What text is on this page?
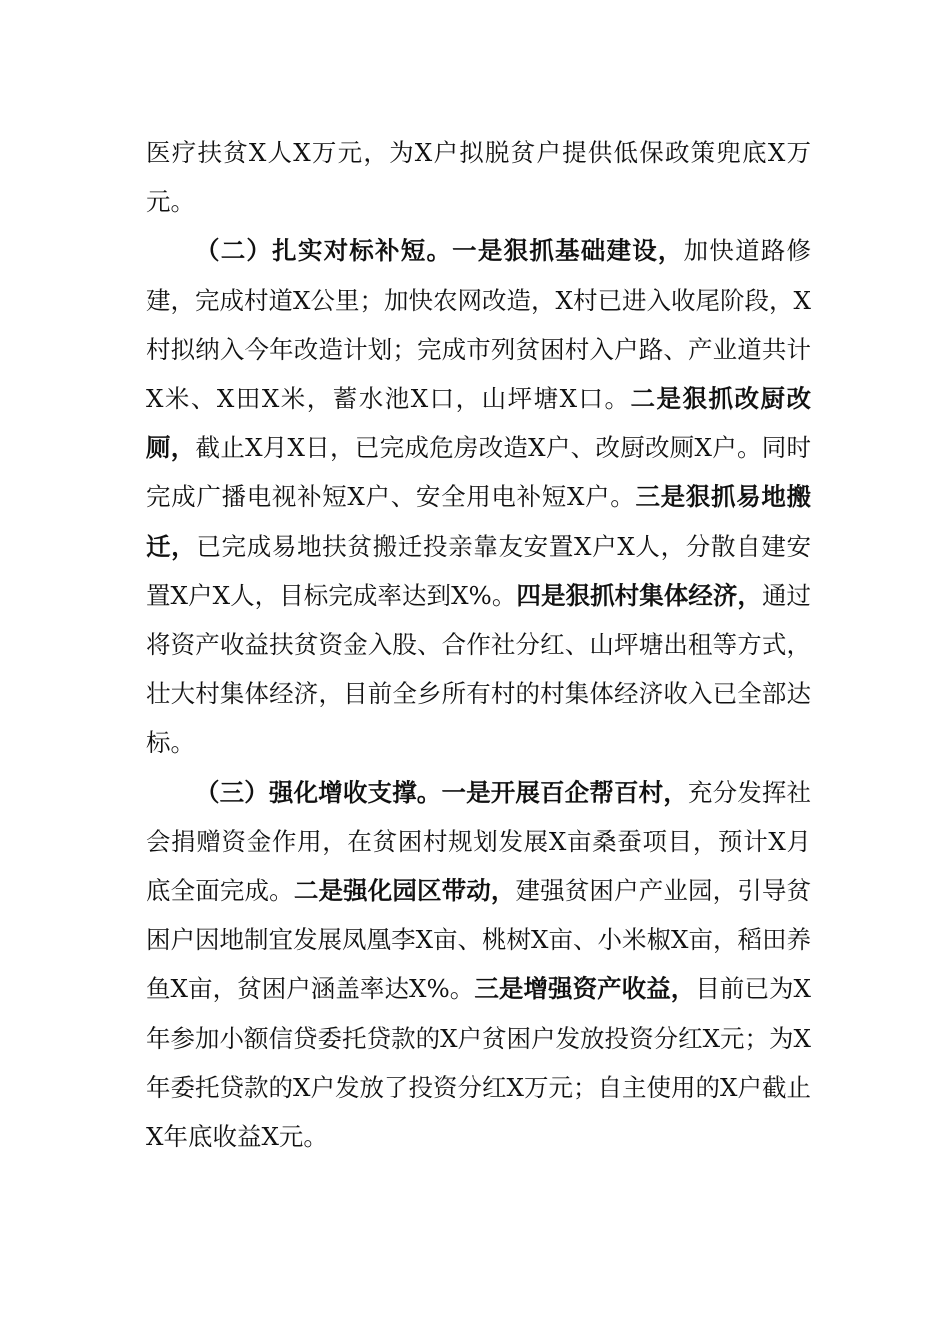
医疗扶贫X人X万元，为X户拟脱贫户提供低保政策兜底X万元。

（二）扎实对标补短。一是狠抓基础建设，加快道路修建，完成村道X公里；加快农网改造，X村已进入收尾阶段，X村拟纳入今年改造计划；完成市列贫困村入户路、产业道共计X米、X田X米，蓄水池X口，山坪塘X口。二是狠抓改厨改厕，截止X月X日，已完成危房改造X户、改厨改厕X户。同时完成广播电视补短X户、安全用电补短X户。三是狠抓易地搬迁，已完成易地扶贫搬迁投亲靠友安置X户X人，分散自建安置X户X人，目标完成率达到X%。四是狠抓村集体经济，通过将资产收益扶贫资金入股、合作社分红、山坪塘出租等方式，壮大村集体经济，目前全乡所有村的村集体经济收入已全部达标。

（三）强化增收支撑。一是开展百企帮百村，充分发挥社会捐赠资金作用，在贫困村规划发展X亩桑蚕项目，预计X月底全面完成。二是强化园区带动，建强贫困户产业园，引导贫困户因地制宜发展凤凰李X亩、桃树X亩、小米椒X亩，稻田养鱼X亩，贫困户涵盖率达X%。三是增强资产收益，目前已为X年参加小额信贷委托贷款的X户贫困户发放投资分红X元；为X年委托贷款的X户发放了投资分红X万元；自主使用的X户截止X年底收益X元。
